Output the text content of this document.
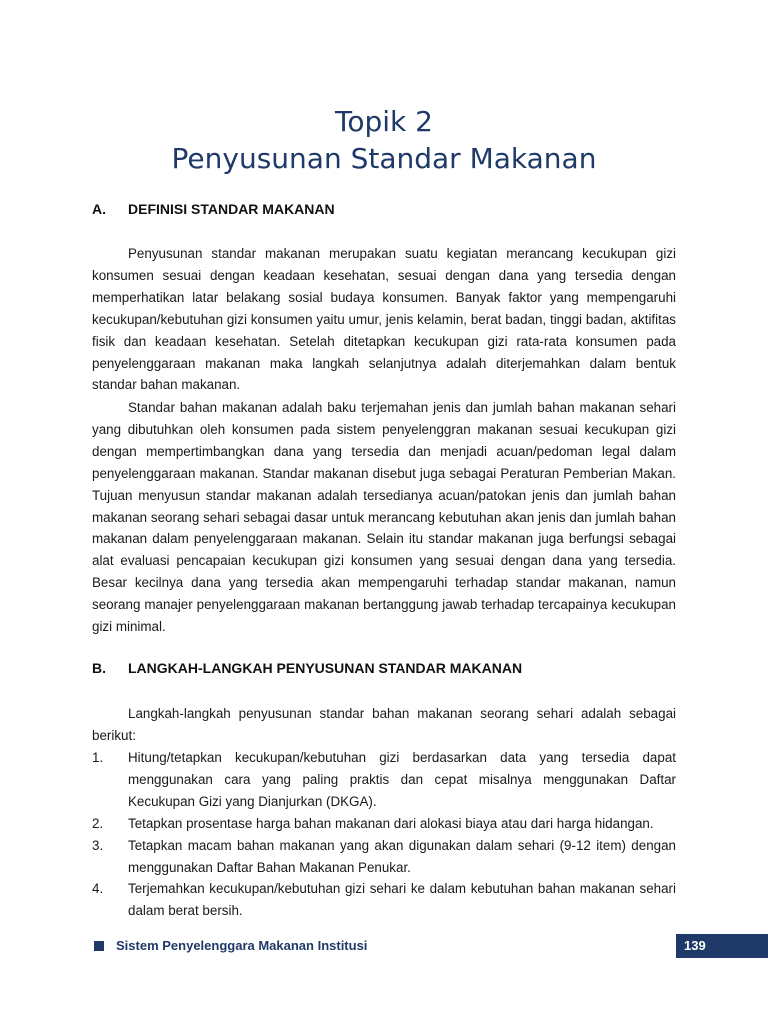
Topik 2
Penyusunan Standar Makanan
A. DEFINISI STANDAR MAKANAN

Penyusunan standar makanan merupakan suatu kegiatan merancang kecukupan gizi konsumen sesuai dengan keadaan kesehatan, sesuai dengan dana yang tersedia dengan memperhatikan latar belakang sosial budaya konsumen. Banyak faktor yang mempengaruhi kecukupan/kebutuhan gizi konsumen yaitu umur, jenis kelamin, berat badan, tinggi badan, aktifitas fisik dan keadaan kesehatan. Setelah ditetapkan kecukupan gizi rata-rata konsumen pada penyelenggaraan makanan maka langkah selanjutnya adalah diterjemahkan dalam bentuk standar bahan makanan.

Standar bahan makanan adalah baku terjemahan jenis dan jumlah bahan makanan sehari yang dibutuhkan oleh konsumen pada sistem penyelenggran makanan sesuai kecukupan gizi dengan mempertimbangkan dana yang tersedia dan menjadi acuan/pedoman legal dalam penyelenggaraan makanan. Standar makanan disebut juga sebagai Peraturan Pemberian Makan. Tujuan menyusun standar makanan adalah tersedianya acuan/patokan jenis dan jumlah bahan makanan seorang sehari sebagai dasar untuk merancang kebutuhan akan jenis dan jumlah bahan makanan dalam penyelenggaraan makanan. Selain itu standar makanan juga berfungsi sebagai alat evaluasi pencapaian kecukupan gizi konsumen yang sesuai dengan dana yang tersedia. Besar kecilnya dana yang tersedia akan mempengaruhi terhadap standar makanan, namun seorang manajer penyelenggaraan makanan bertanggung jawab terhadap tercapainya kecukupan gizi minimal.

B. LANGKAH-LANGKAH PENYUSUNAN STANDAR MAKANAN

Langkah-langkah penyusunan standar bahan makanan seorang sehari adalah sebagai berikut:

1. Hitung/tetapkan kecukupan/kebutuhan gizi berdasarkan data yang tersedia dapat menggunakan cara yang paling praktis dan cepat misalnya menggunakan Daftar Kecukupan Gizi yang Dianjurkan (DKGA).
2. Tetapkan prosentase harga bahan makanan dari alokasi biaya atau dari harga hidangan.
3. Tetapkan macam bahan makanan yang akan digunakan dalam sehari (9-12 item) dengan menggunakan Daftar Bahan Makanan Penukar.
4. Terjemahkan kecukupan/kebutuhan gizi sehari ke dalam kebutuhan bahan makanan sehari dalam berat bersih.
Sistem Penyelenggara Makanan Institusi	139
